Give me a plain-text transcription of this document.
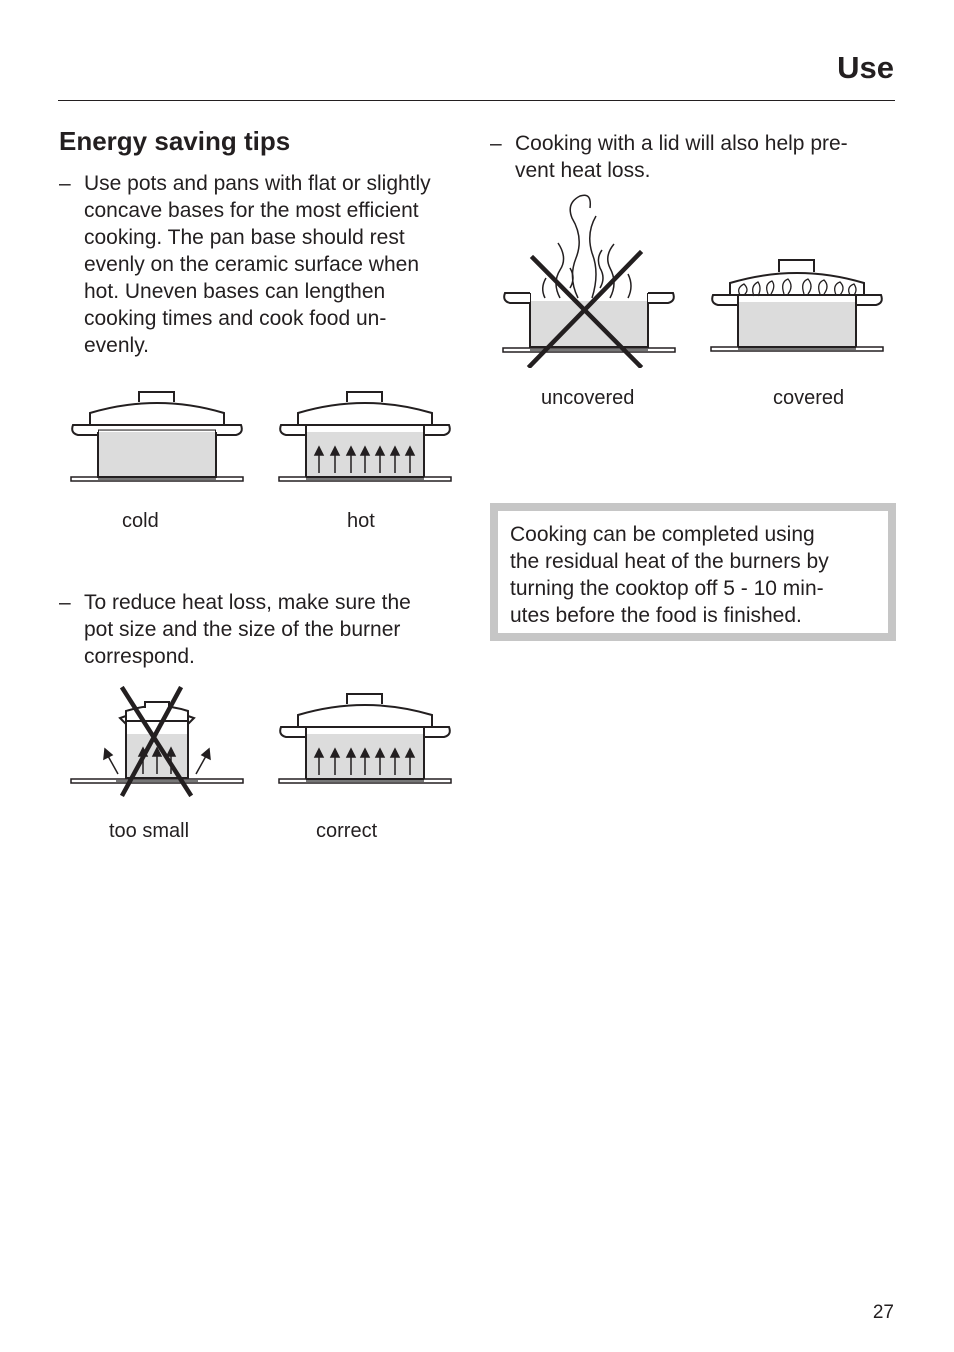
Use
Energy saving tips
– Use pots and pans with flat or slightly
concave bases for the most efficient
cooking. The pan base should rest
evenly on the ceramic surface when
hot. Uneven bases can lengthen
cooking times and cook food un-
evenly.
– To reduce heat loss, make sure the
pot size and the size of the burner
correspond.
– Cooking with a lid will also help pre-
vent heat loss.
cold	hot
too small	correct
uncovered	covered
Cooking can be completed using
the residual heat of the burners by
turning the cooktop off 5 - 10 min-
utes before the food is finished.
27
